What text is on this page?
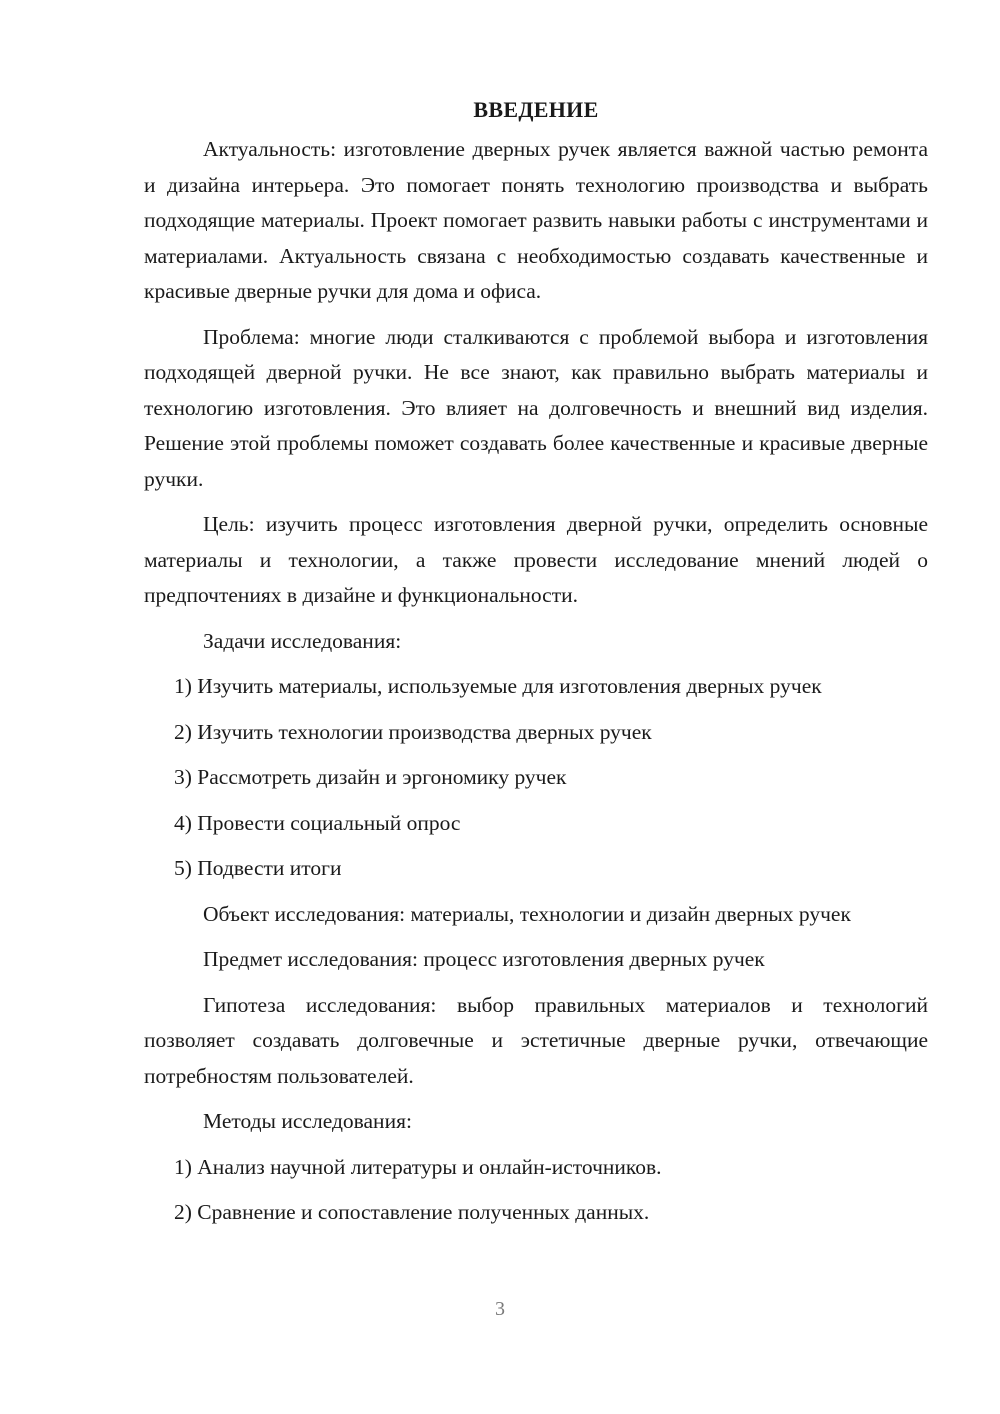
ВВЕДЕНИЕ

Актуальность: изготовление дверных ручек является важной частью ремонта и дизайна интерьера. Это помогает понять технологию производства и выбрать подходящие материалы. Проект помогает развить навыки работы с инструментами и материалами. Актуальность связана с необходимостью создавать качественные и красивые дверные ручки для дома и офиса.

Проблема: многие люди сталкиваются с проблемой выбора и изготовления подходящей дверной ручки. Не все знают, как правильно выбрать материалы и технологию изготовления. Это влияет на долговечность и внешний вид изделия. Решение этой проблемы поможет создавать более качественные и красивые дверные ручки.

Цель: изучить процесс изготовления дверной ручки, определить основные материалы и технологии, а также провести исследование мнений людей о предпочтениях в дизайне и функциональности.

Задачи исследования:

1) Изучить материалы, используемые для изготовления дверных ручек
2) Изучить технологии производства дверных ручек
3) Рассмотреть дизайн и эргономику ручек
4) Провести социальный опрос
5) Подвести итоги

Объект исследования: материалы, технологии и дизайн дверных ручек

Предмет исследования: процесс изготовления дверных ручек

Гипотеза исследования: выбор правильных материалов и технологий позволяет создавать долговечные и эстетичные дверные ручки, отвечающие потребностям пользователей.

Методы исследования:

1) Анализ научной литературы и онлайн-источников.
2) Сравнение и сопоставление полученных данных.
3
